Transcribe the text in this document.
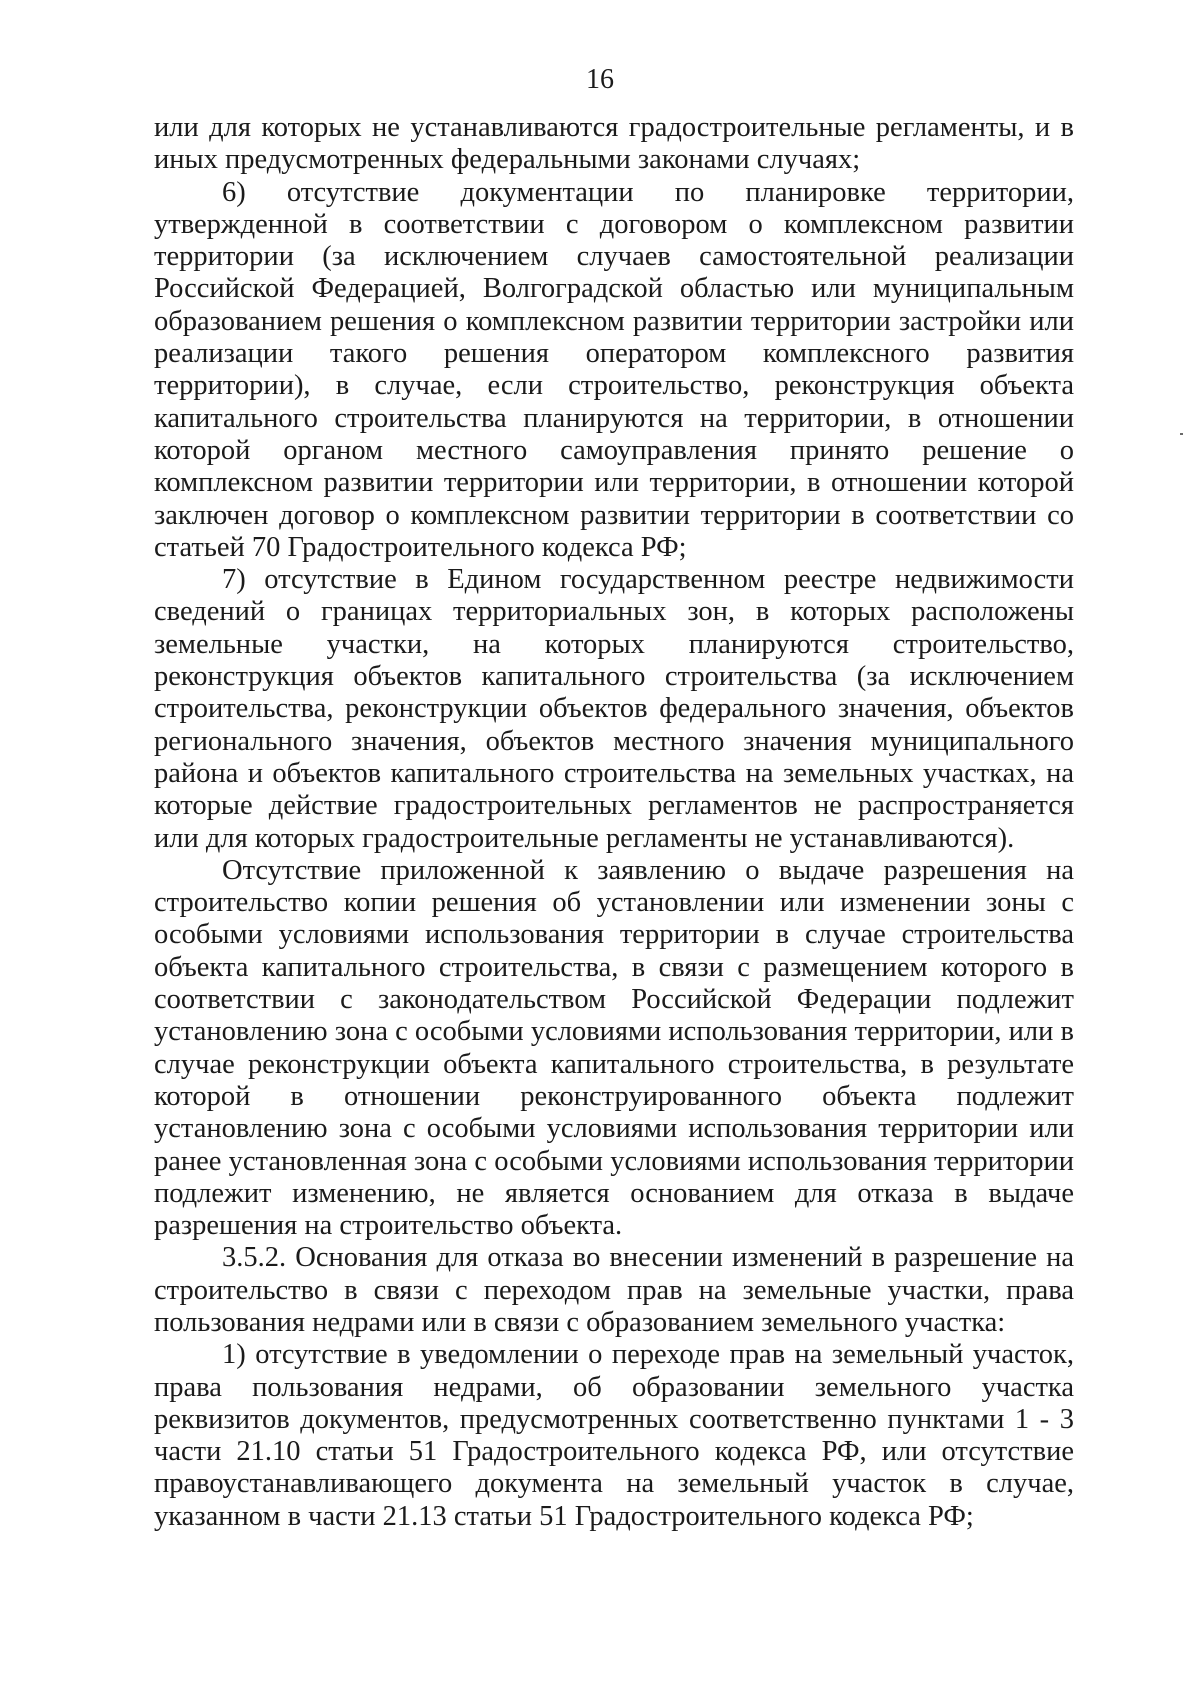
16

или для которых не устанавливаются градостроительные регламенты, и в иных предусмотренных федеральными законами случаях;

6) отсутствие документации по планировке территории, утвержденной в соответствии с договором о комплексном развитии территории (за исключением случаев самостоятельной реализации Российской Федерацией, Волгоградской областью или муниципальным образованием решения о комплексном развитии территории застройки или реализации такого решения оператором комплексного развития территории), в случае, если строительство, реконструкция объекта капитального строительства планируются на территории, в отношении которой органом местного самоуправления принято решение о комплексном развитии территории или территории, в отношении которой заключен договор о комплексном развитии территории в соответствии со статьей 70 Градостроительного кодекса РФ;

7) отсутствие в Едином государственном реестре недвижимости сведений о границах территориальных зон, в которых расположены земельные участки, на которых планируются строительство, реконструкция объектов капитального строительства (за исключением строительства, реконструкции объектов федерального значения, объектов регионального значения, объектов местного значения муниципального района и объектов капитального строительства на земельных участках, на которые действие градостроительных регламентов не распространяется или для которых градостроительные регламенты не устанавливаются).

Отсутствие приложенной к заявлению о выдаче разрешения на строительство копии решения об установлении или изменении зоны с особыми условиями использования территории в случае строительства объекта капитального строительства, в связи с размещением которого в соответствии с законодательством Российской Федерации подлежит установлению зона с особыми условиями использования территории, или в случае реконструкции объекта капитального строительства, в результате которой в отношении реконструированного объекта подлежит установлению зона с особыми условиями использования территории или ранее установленная зона с особыми условиями использования территории подлежит изменению, не является основанием для отказа в выдаче разрешения на строительство объекта.

3.5.2. Основания для отказа во внесении изменений в разрешение на строительство в связи с переходом прав на земельные участки, права пользования недрами или в связи с образованием земельного участка:

1) отсутствие в уведомлении о переходе прав на земельный участок, права пользования недрами, об образовании земельного участка реквизитов документов, предусмотренных соответственно пунктами 1 - 3 части 21.10 статьи 51 Градостроительного кодекса РФ, или отсутствие правоустанавливающего документа на земельный участок в случае, указанном в части 21.13 статьи 51 Градостроительного кодекса РФ;
